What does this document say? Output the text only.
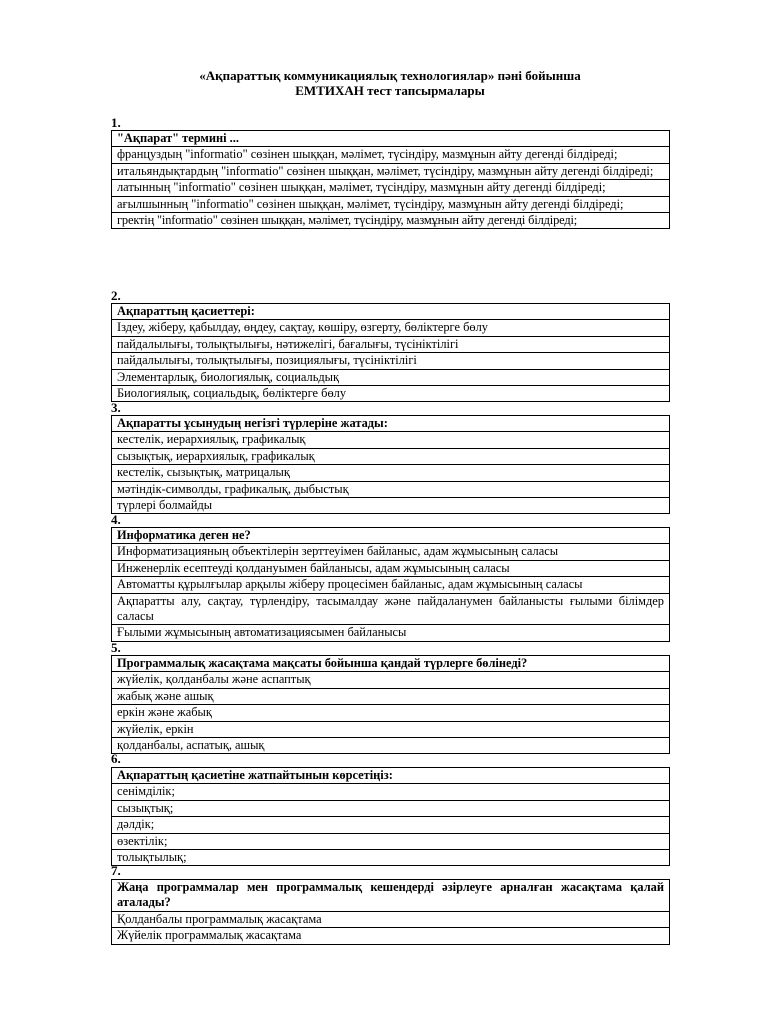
«Ақпараттық коммуникациялық технологиялар» пәні бойынша
ЕМТИХАН тест тапсырмалары
1.
"Ақпарат" термині ...
француздың "informatio" сөзінен шыққан, мәлімет, түсіндіру, мазмұнын айту дегенді білдіреді;
итальяндықтардың "informatio" сөзінен шыққан, мәлімет, түсіндіру, мазмұнын айту дегенді білдіреді;
латынның "informatio" сөзінен шыққан, мәлімет, түсіндіру, мазмұнын айту дегенді білдіреді;
ағылшынның "informatio" сөзінен шыққан, мәлімет, түсіндіру, мазмұнын айту дегенді білдіреді;
гректің "informatio" сөзінен шыққан, мәлімет, түсіндіру, мазмұнын айту дегенді білдіреді;
2.
Ақпараттың қасиеттері:
Іздеу, жіберу, қабылдау, өңдеу, сақтау, көшіру, өзгерту, бөліктерге бөлу
пайдалылығы, толықтылығы, нәтижелігі, бағалығы, түсініктілігі
пайдалылығы, толықтылығы, позициялығы, түсініктілігі
Элементарлық, биологиялық, социальдық
Биологиялық, социальдық, бөліктерге бөлу
3.
Ақпаратты ұсынудың негізгі түрлеріне жатады:
кестелік, иерархиялық, графикалық
сызықтық, иерархиялық, графикалық
кестелік, сызықтық, матрицалық
мәтіндік-символды, графикалық, дыбыстық
түрлері болмайды
4.
Информатика деген не?
Информатизацияның объектілерін зерттеуімен байланыс, адам жұмысының саласы
Инженерлік есептеуді қолдануымен байланысы, адам жұмысының саласы
Автоматты құрылғылар арқылы жіберу процесімен байланыс, адам жұмысының саласы
Ақпаратты алу, сақтау, түрлендіру, тасымалдау және пайдаланумен байланысты ғылыми білімдер саласы
Ғылыми жұмысының автоматизациясымен байланысы
5.
Программалық жасақтама мақсаты бойынша қандай түрлерге бөлінеді?
жүйелік, қолданбалы және аспаптық
жабық және ашық
еркін және жабық
жүйелік, еркін
қолданбалы, аспатық, ашық
6.
Ақпараттың қасиетіне жатпайтынын көрсетіңіз:
сенімділік;
сызықтық;
дәлдік;
өзектілік;
толықтылық;
7.
Жаңа программалар мен программалық кешендерді әзірлеуге арналған жасақтама қалай аталады?
Қолданбалы программалық жасақтама
Жүйелік программалық жасақтама
